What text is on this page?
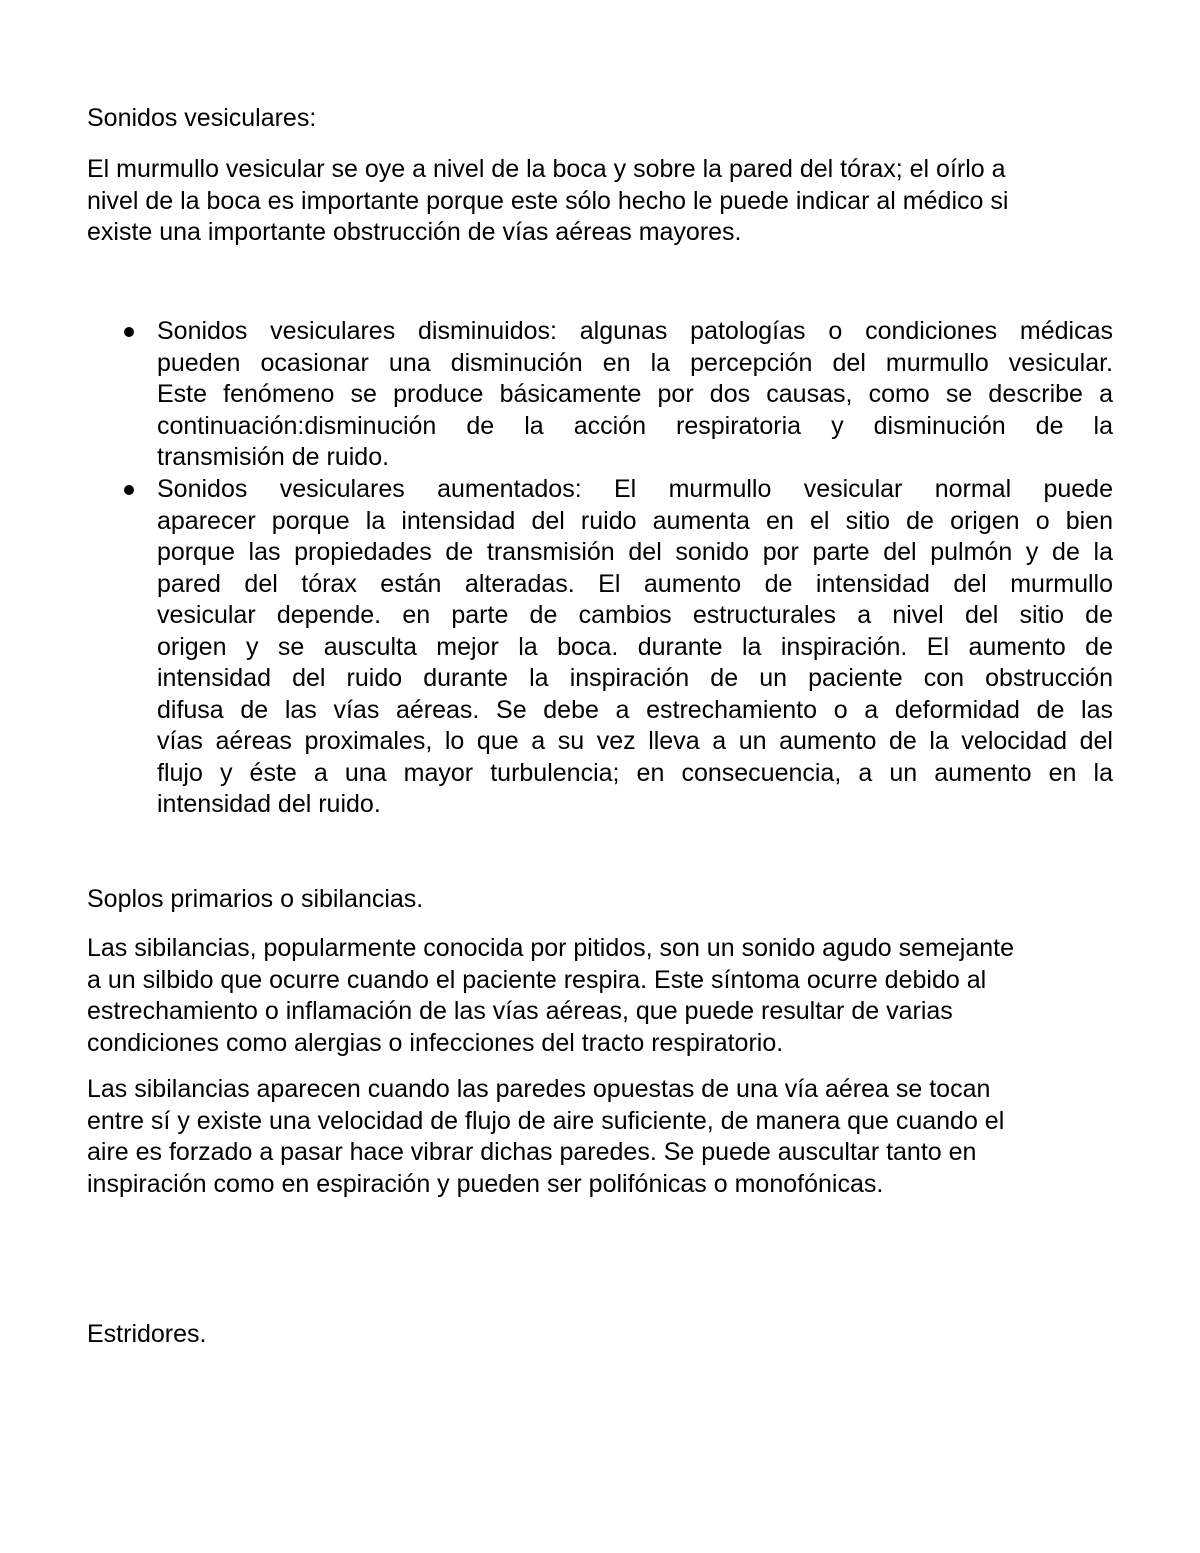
Sonidos vesiculares:
El murmullo vesicular se oye a nivel de la boca y sobre la pared del tórax; el oírlo a
nivel de la boca es importante porque este sólo hecho le puede indicar al médico si
existe una importante obstrucción de vías aéreas mayores.
Sonidos vesiculares disminuidos: algunas patologías o condiciones médicas
pueden ocasionar una disminución en la percepción del murmullo vesicular.
Este fenómeno se produce básicamente por dos causas, como se describe a
continuación:disminución de la acción respiratoria y disminución de la
transmisión de ruido.
Sonidos vesiculares aumentados: El murmullo vesicular normal puede
aparecer porque la intensidad del ruido aumenta en el sitio de origen o bien
porque las propiedades de transmisión del sonido por parte del pulmón y de la
pared del tórax están alteradas. El aumento de intensidad del murmullo
vesicular depende. en parte de cambios estructurales a nivel del sitio de
origen y se ausculta mejor la boca. durante la inspiración. El aumento de
intensidad del ruido durante la inspiración de un paciente con obstrucción
difusa de las vías aéreas. Se debe a estrechamiento o a deformidad de las
vías aéreas proximales, lo que a su vez lleva a un aumento de la velocidad del
flujo y éste a una mayor turbulencia; en consecuencia, a un aumento en la
intensidad del ruido.
Soplos primarios o sibilancias.
Las sibilancias, popularmente conocida por pitidos, son un sonido agudo semejante
a un silbido que ocurre cuando el paciente respira. Este síntoma ocurre debido al
estrechamiento o inflamación de las vías aéreas, que puede resultar de varias
condiciones como alergias o infecciones del tracto respiratorio.
Las sibilancias aparecen cuando las paredes opuestas de una vía aérea se tocan
entre sí y existe una velocidad de flujo de aire suficiente, de manera que cuando el
aire es forzado a pasar hace vibrar dichas paredes. Se puede auscultar tanto en
inspiración como en espiración y pueden ser polifónicas o monofónicas.
Estridores.
